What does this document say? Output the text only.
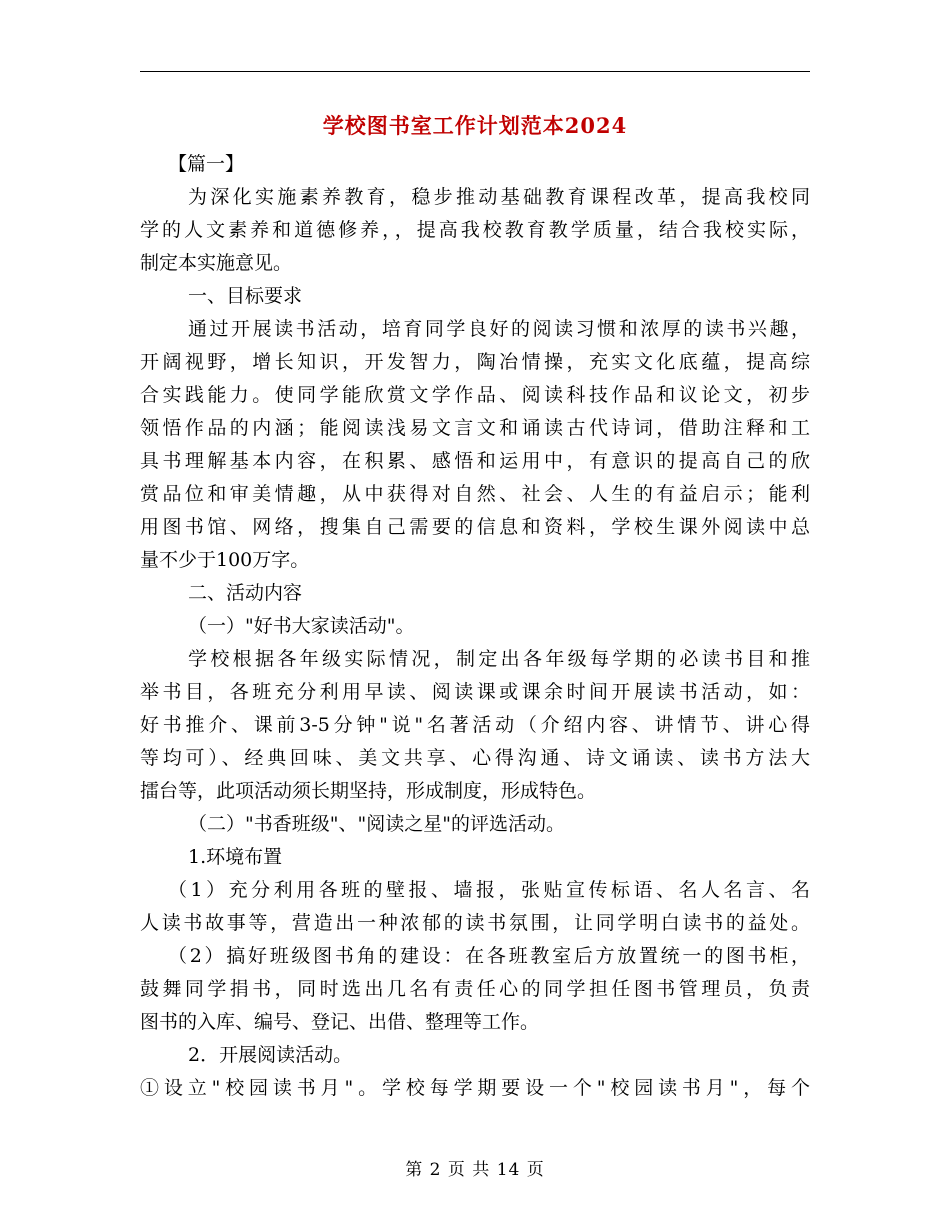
学校图书室工作计划范本2024
【篇一】
为深化实施素养教育，稳步推动基础教育课程改革，提高我校同
学的人文素养和道德修养，，提高我校教育教学质量，结合我校实际，
制定本实施意见。
一、目标要求
通过开展读书活动，培育同学良好的阅读习惯和浓厚的读书兴趣，
开阔视野，增长知识，开发智力，陶冶情操，充实文化底蕴，提高综
合实践能力。使同学能欣赏文学作品、阅读科技作品和议论文，初步
领悟作品的内涵；能阅读浅易文言文和诵读古代诗词，借助注释和工
具书理解基本内容，在积累、感悟和运用中，有意识的提高自己的欣
赏品位和审美情趣，从中获得对自然、社会、人生的有益启示；能利
用图书馆、网络，搜集自己需要的信息和资料，学校生课外阅读中总
量不少于100万字。
二、活动内容
（一）"好书大家读活动"。
学校根据各年级实际情况，制定出各年级每学期的必读书目和推
举书目，各班充分利用早读、阅读课或课余时间开展读书活动，如：
好书推介、课前3-5分钟"说"名著活动（介绍内容、讲情节、讲心得
等均可）、经典回味、美文共享、心得沟通、诗文诵读、读书方法大
擂台等，此项活动须长期坚持，形成制度，形成特色。
（二）"书香班级"、"阅读之星"的评选活动。
1.环境布置
（1）充分利用各班的壁报、墙报，张贴宣传标语、名人名言、名
人读书故事等，营造出一种浓郁的读书氛围，让同学明白读书的益处。
（2）搞好班级图书角的建设：在各班教室后方放置统一的图书柜，
鼓舞同学捐书，同时选出几名有责任心的同学担任图书管理员，负责
图书的入库、编号、登记、出借、整理等工作。
2．开展阅读活动。
①设立"校园读书月"。学校每学期要设一个"校园读书月"，每个
第 2 页 共 14 页
